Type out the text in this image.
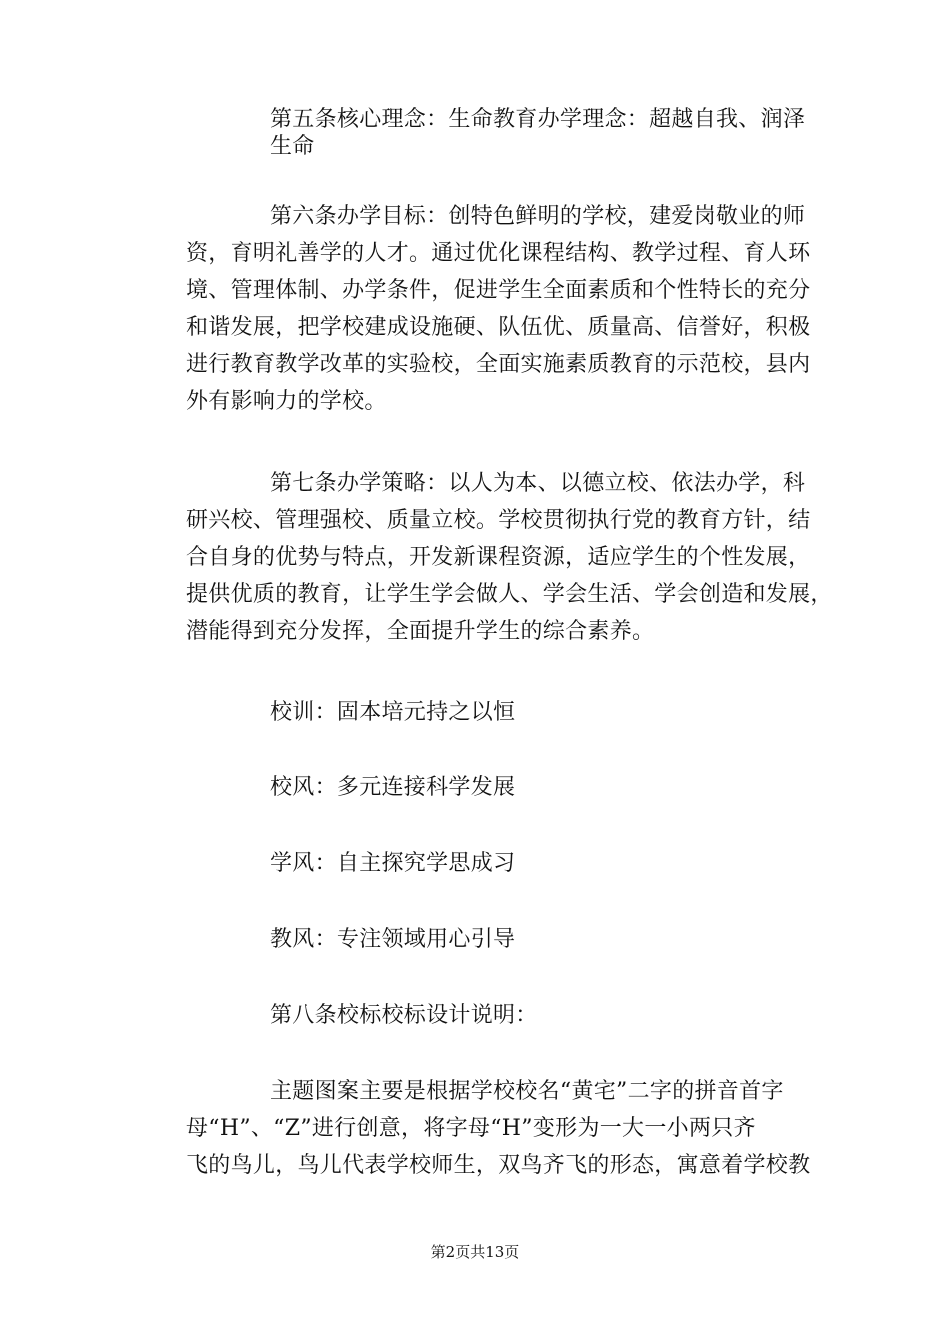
第五条核心理念：生命教育办学理念：超越自我、润泽
生命
第六条办学目标：创特色鲜明的学校，建爱岗敬业的师
资，育明礼善学的人才。通过优化课程结构、教学过程、育人环
境、管理体制、办学条件，促进学生全面素质和个性特长的充分
和谐发展，把学校建成设施硬、队伍优、质量高、信誉好，积极
进行教育教学改革的实验校，全面实施素质教育的示范校，县内
外有影响力的学校。
第七条办学策略：以人为本、以德立校、依法办学，科
研兴校、管理强校、质量立校。学校贯彻执行党的教育方针，结
合自身的优势与特点，开发新课程资源，适应学生的个性发展，
提供优质的教育，让学生学会做人、学会生活、学会创造和发展，
潜能得到充分发挥，全面提升学生的综合素养。
校训：固本培元持之以恒
校风：多元连接科学发展
学风：自主探究学思成习
教风：专注领域用心引导
第八条校标校标设计说明：
主题图案主要是根据学校校名“黄宅”二字的拼音首字
母“H”、“Z”进行创意，将字母“H”变形为一大一小两只齐
飞的鸟儿，鸟儿代表学校师生，双鸟齐飞的形态，寓意着学校教
第2页共13页
